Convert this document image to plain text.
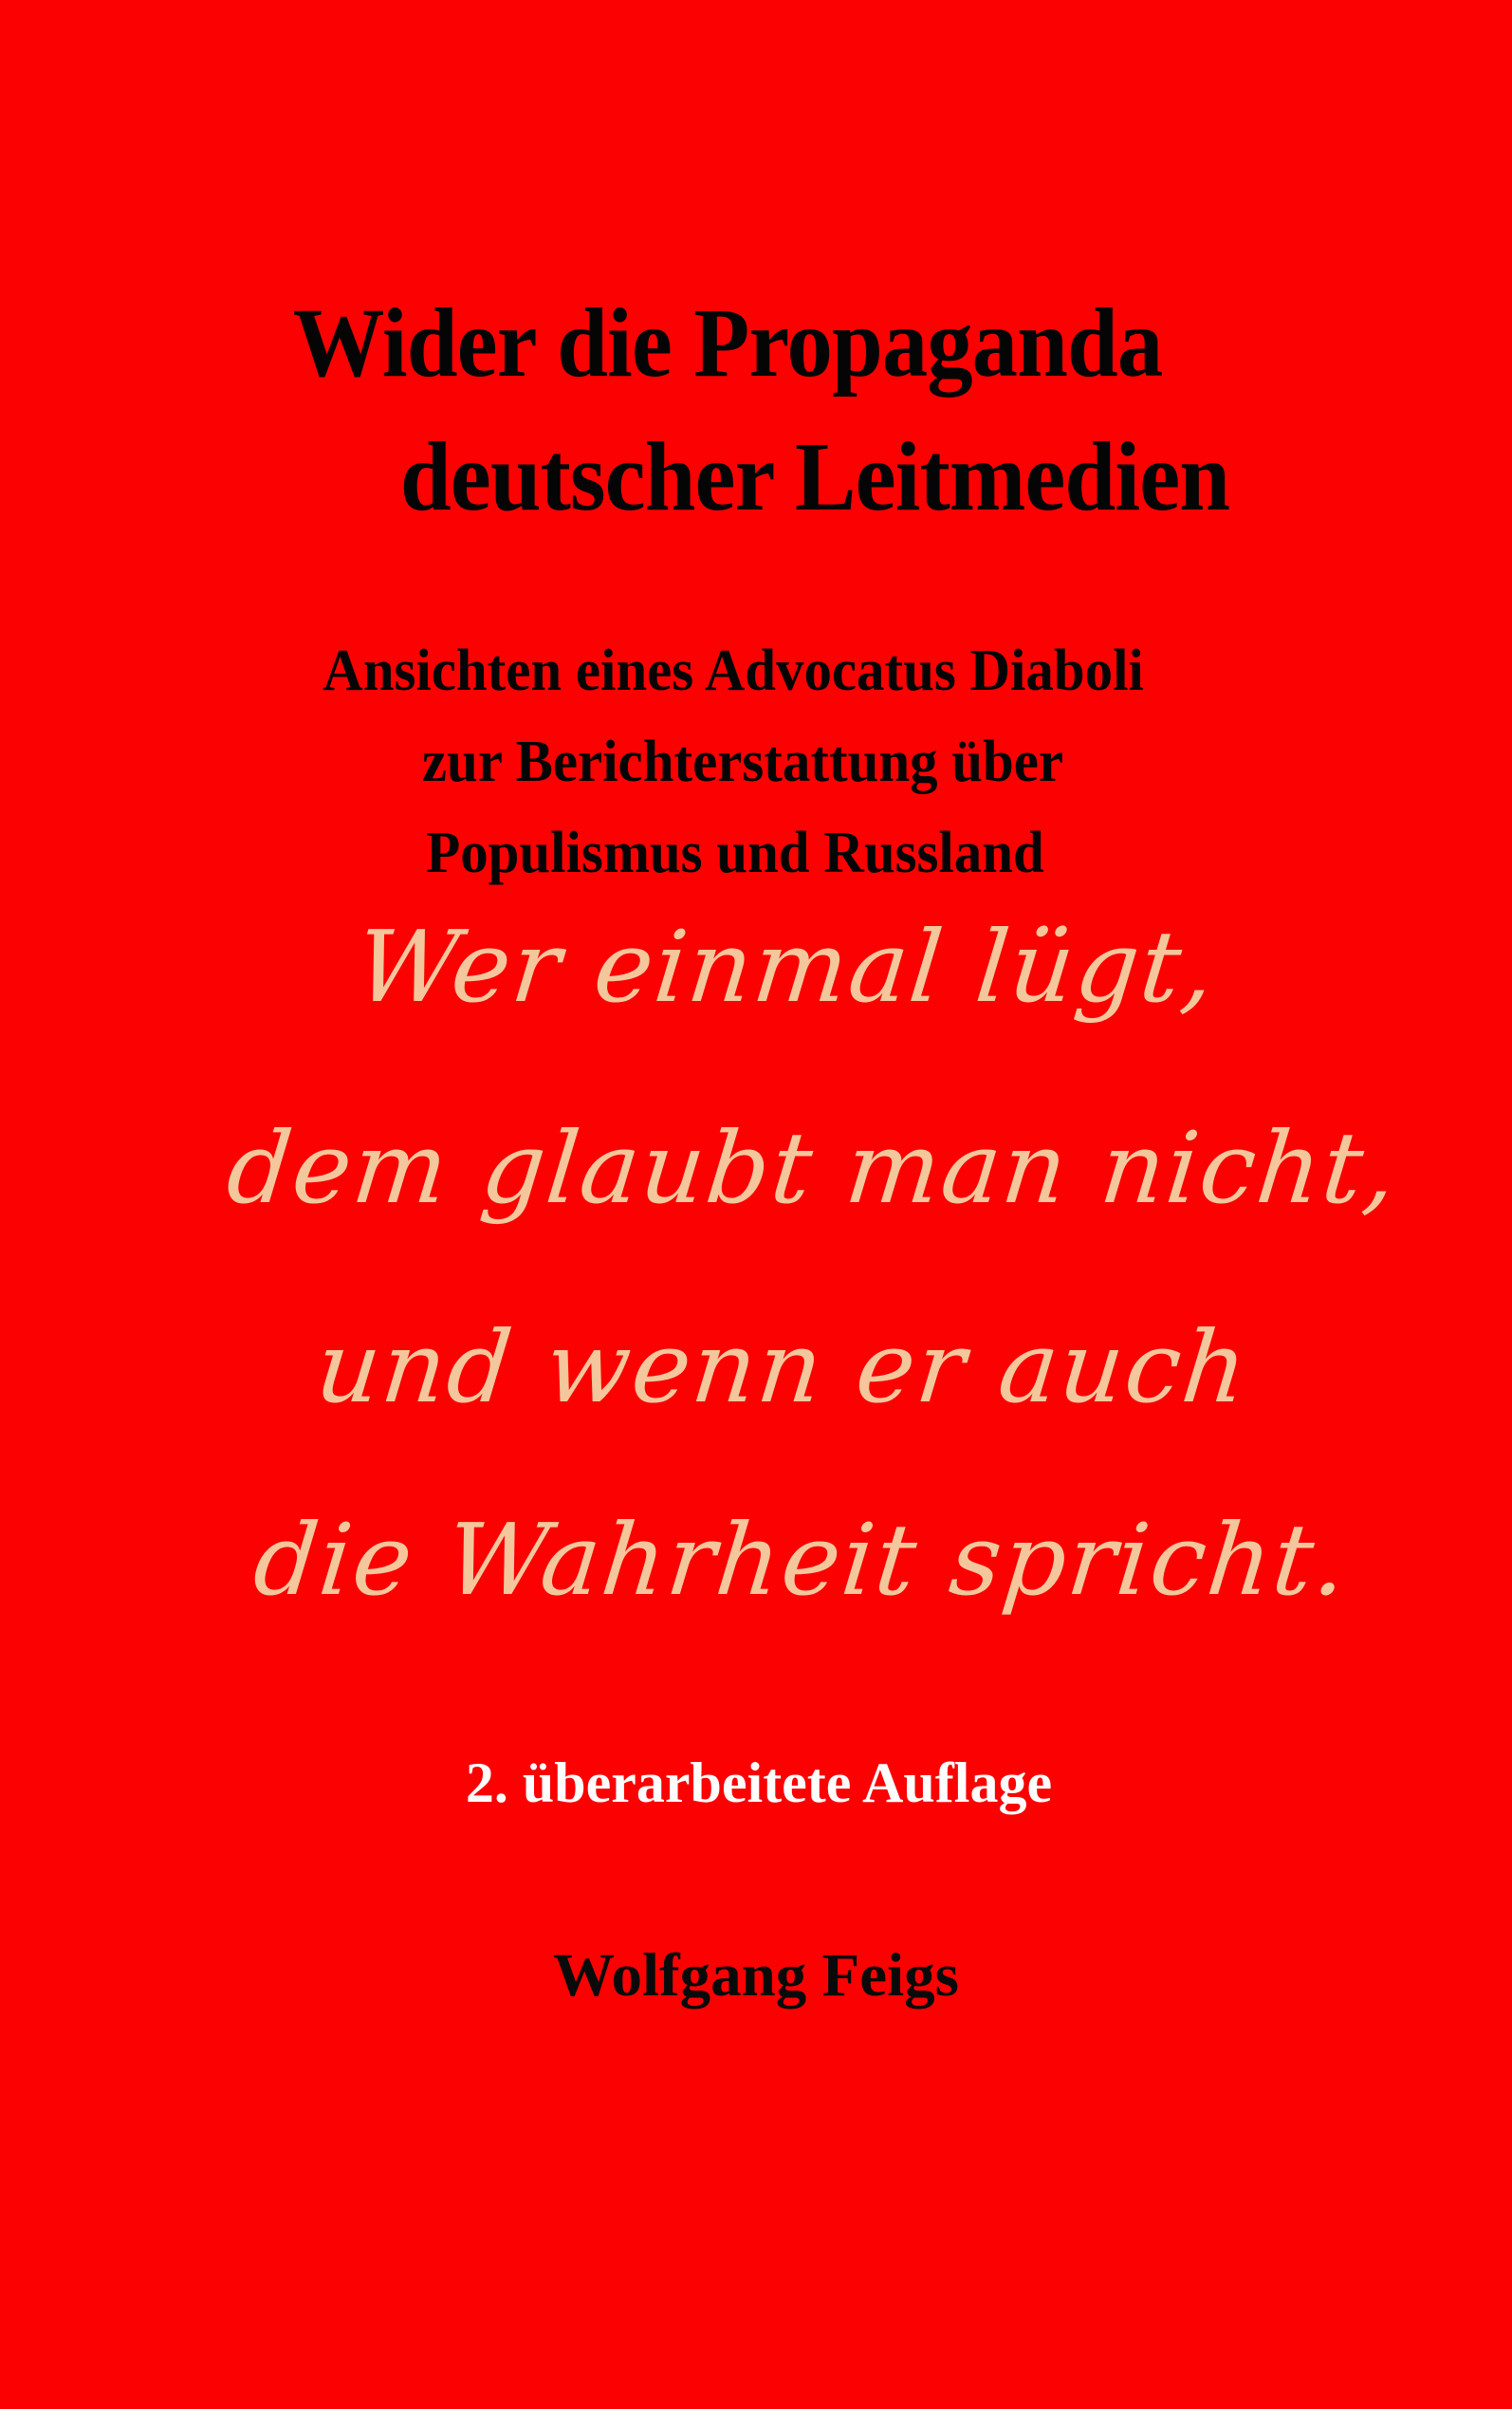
Wider die Propaganda
deutscher Leitmedien
Ansichten eines Advocatus Diaboli
zur Berichterstattung über
Populismus und Russland
Wer einmal lügt,
dem glaubt man nicht,
und wenn er auch
die Wahrheit spricht.
2. überarbeitete Auflage
Wolfgang Feigs
